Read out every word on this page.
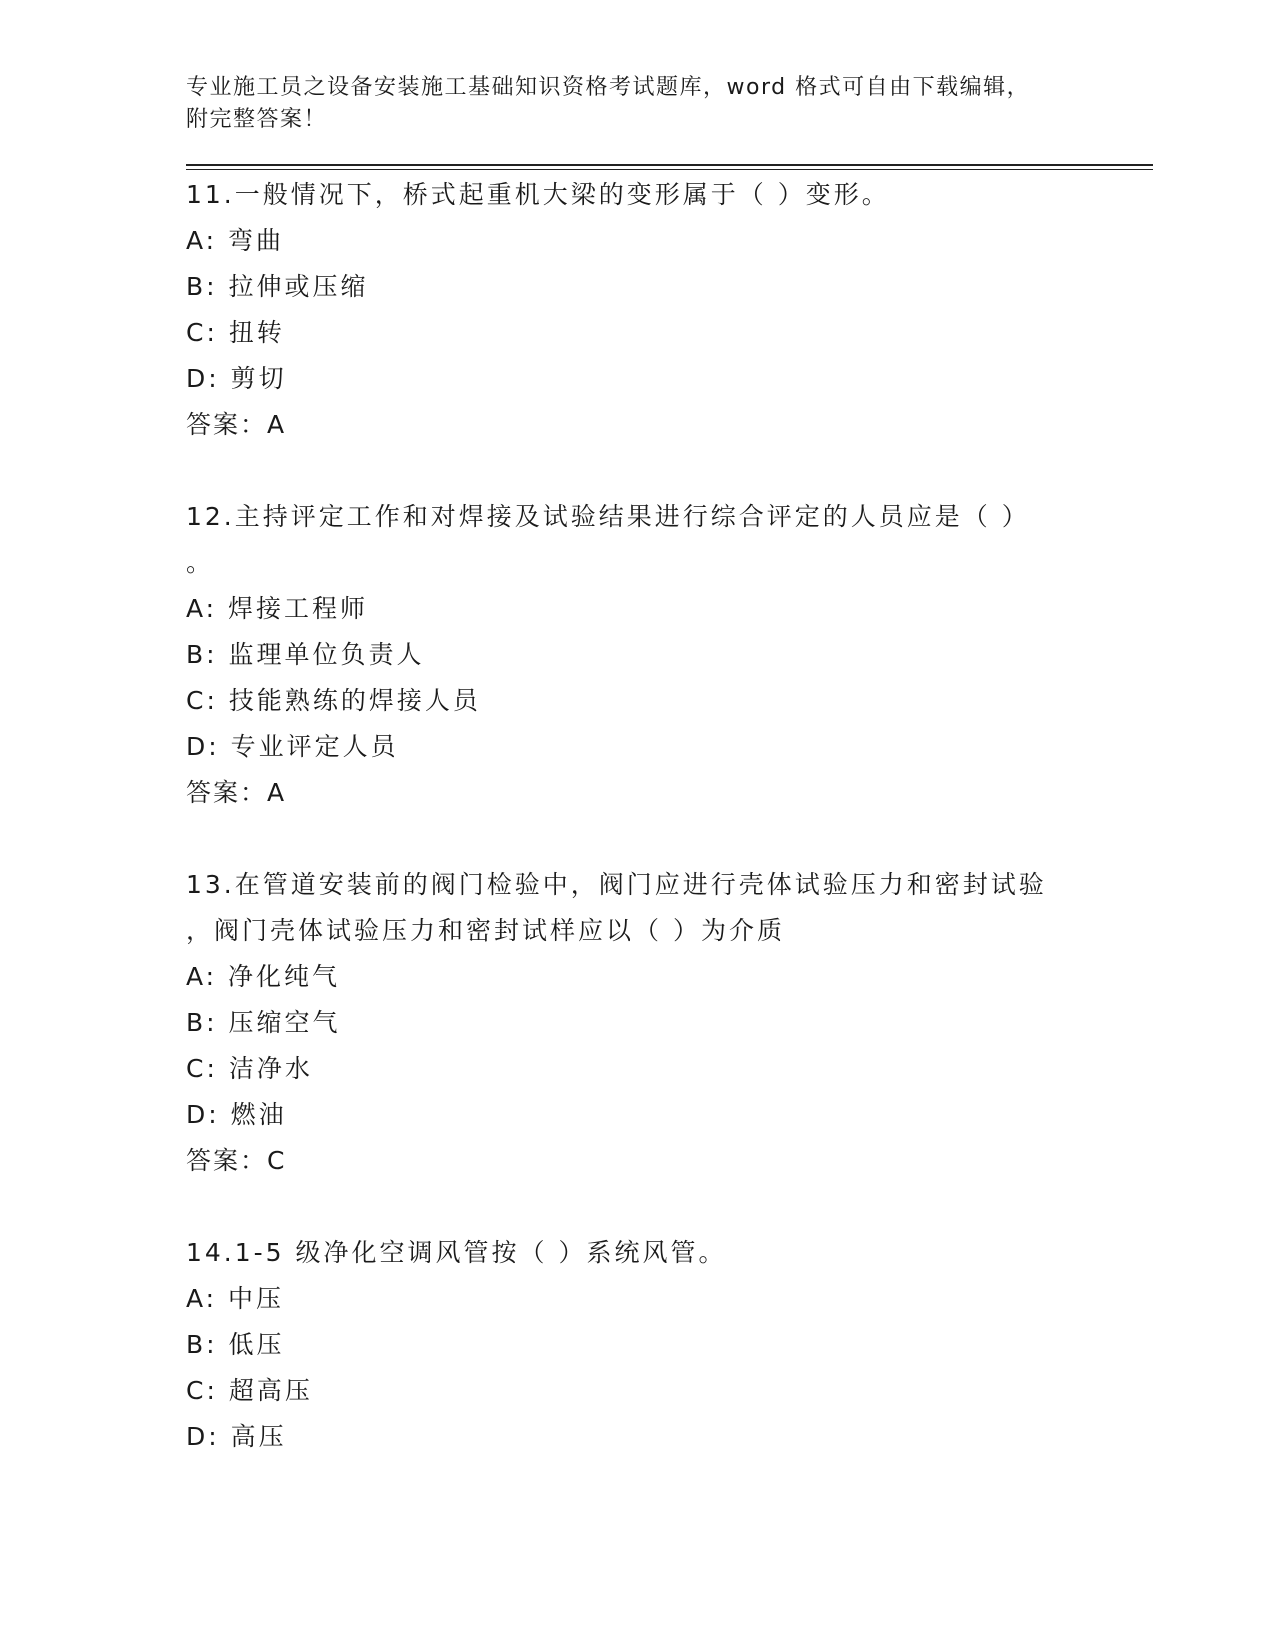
专业施工员之设备安装施工基础知识资格考试题库，word 格式可自由下载编辑，

附完整答案！

11.一般情况下，桥式起重机大梁的变形属于（ ）变形。

A: 弯曲

B: 拉伸或压缩

C: 扭转

D: 剪切

答案：A

12.主持评定工作和对焊接及试验结果进行综合评定的人员应是（ ）

。

A: 焊接工程师

B: 监理单位负责人

C: 技能熟练的焊接人员

D: 专业评定人员

答案：A

13.在管道安装前的阀门检验中，阀门应进行壳体试验压力和密封试验

，阀门壳体试验压力和密封试样应以（ ）为介质

A: 净化纯气

B: 压缩空气

C: 洁净水

D: 燃油

答案：C

14.1-5 级净化空调风管按（ ）系统风管。

A: 中压

B: 低压

C: 超高压

D: 高压
